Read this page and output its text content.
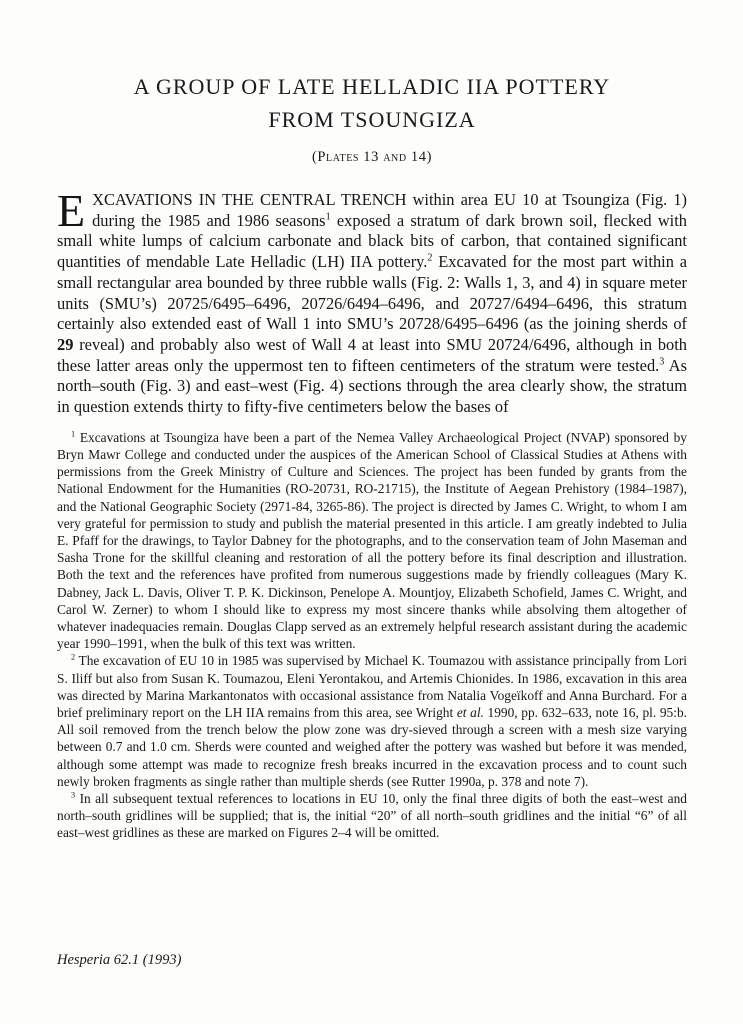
A GROUP OF LATE HELLADIC IIA POTTERY
FROM TSOUNGIZA
(Plates 13 and 14)

EXCAVATIONS IN THE CENTRAL TRENCH within area EU 10 at Tsoungiza (Fig. 1) during the 1985 and 1986 seasons$^1$ exposed a stratum of dark brown soil, flecked with small white lumps of calcium carbonate and black bits of carbon, that contained significant quantities of mendable Late Helladic (LH) IIA pottery.$^2$ Excavated for the most part within a small rectangular area bounded by three rubble walls (Fig. 2: Walls 1, 3, and 4) in square meter units (SMU’s) 20725/6495–6496, 20726/6494–6496, and 20727/6494–6496, this stratum certainly also extended east of Wall 1 into SMU’s 20728/6495–6496 (as the joining sherds of 29 reveal) and probably also west of Wall 4 at least into SMU 20724/6496, although in both these latter areas only the uppermost ten to fifteen centimeters of the stratum were tested.$^3$ As north–south (Fig. 3) and east–west (Fig. 4) sections through the area clearly show, the stratum in question extends thirty to fifty-five centimeters below the bases of

$^1$ Excavations at Tsoungiza have been a part of the Nemea Valley Archaeological Project (NVAP) sponsored by Bryn Mawr College and conducted under the auspices of the American School of Classical Studies at Athens with permissions from the Greek Ministry of Culture and Sciences. The project has been funded by grants from the National Endowment for the Humanities (RO-20731, RO-21715), the Institute of Aegean Prehistory (1984–1987), and the National Geographic Society (2971-84, 3265-86). The project is directed by James C. Wright, to whom I am very grateful for permission to study and publish the material presented in this article. I am greatly indebted to Julia E. Pfaff for the drawings, to Taylor Dabney for the photographs, and to the conservation team of John Maseman and Sasha Trone for the skillful cleaning and restoration of all the pottery before its final description and illustration. Both the text and the references have profited from numerous suggestions made by friendly colleagues (Mary K. Dabney, Jack L. Davis, Oliver T. P. K. Dickinson, Penelope A. Mountjoy, Elizabeth Schofield, James C. Wright, and Carol W. Zerner) to whom I should like to express my most sincere thanks while absolving them altogether of whatever inadequacies remain. Douglas Clapp served as an extremely helpful research assistant during the academic year 1990–1991, when the bulk of this text was written.

$^2$ The excavation of EU 10 in 1985 was supervised by Michael K. Toumazou with assistance principally from Lori S. Iliff but also from Susan K. Toumazou, Eleni Yerontakou, and Artemis Chionides. In 1986, excavation in this area was directed by Marina Markantonatos with occasional assistance from Natalia Vogeïkoff and Anna Burchard. For a brief preliminary report on the LH IIA remains from this area, see Wright et al. 1990, pp. 632–633, note 16, pl. 95:b. All soil removed from the trench below the plow zone was dry-sieved through a screen with a mesh size varying between 0.7 and 1.0 cm. Sherds were counted and weighed after the pottery was washed but before it was mended, although some attempt was made to recognize fresh breaks incurred in the excavation process and to count such newly broken fragments as single rather than multiple sherds (see Rutter 1990a, p. 378 and note 7).

$^3$ In all subsequent textual references to locations in EU 10, only the final three digits of both the east–west and north–south gridlines will be supplied; that is, the initial “20” of all north–south gridlines and the initial “6” of all east–west gridlines as these are marked on Figures 2–4 will be omitted.

Hesperia 62.1 (1993)
